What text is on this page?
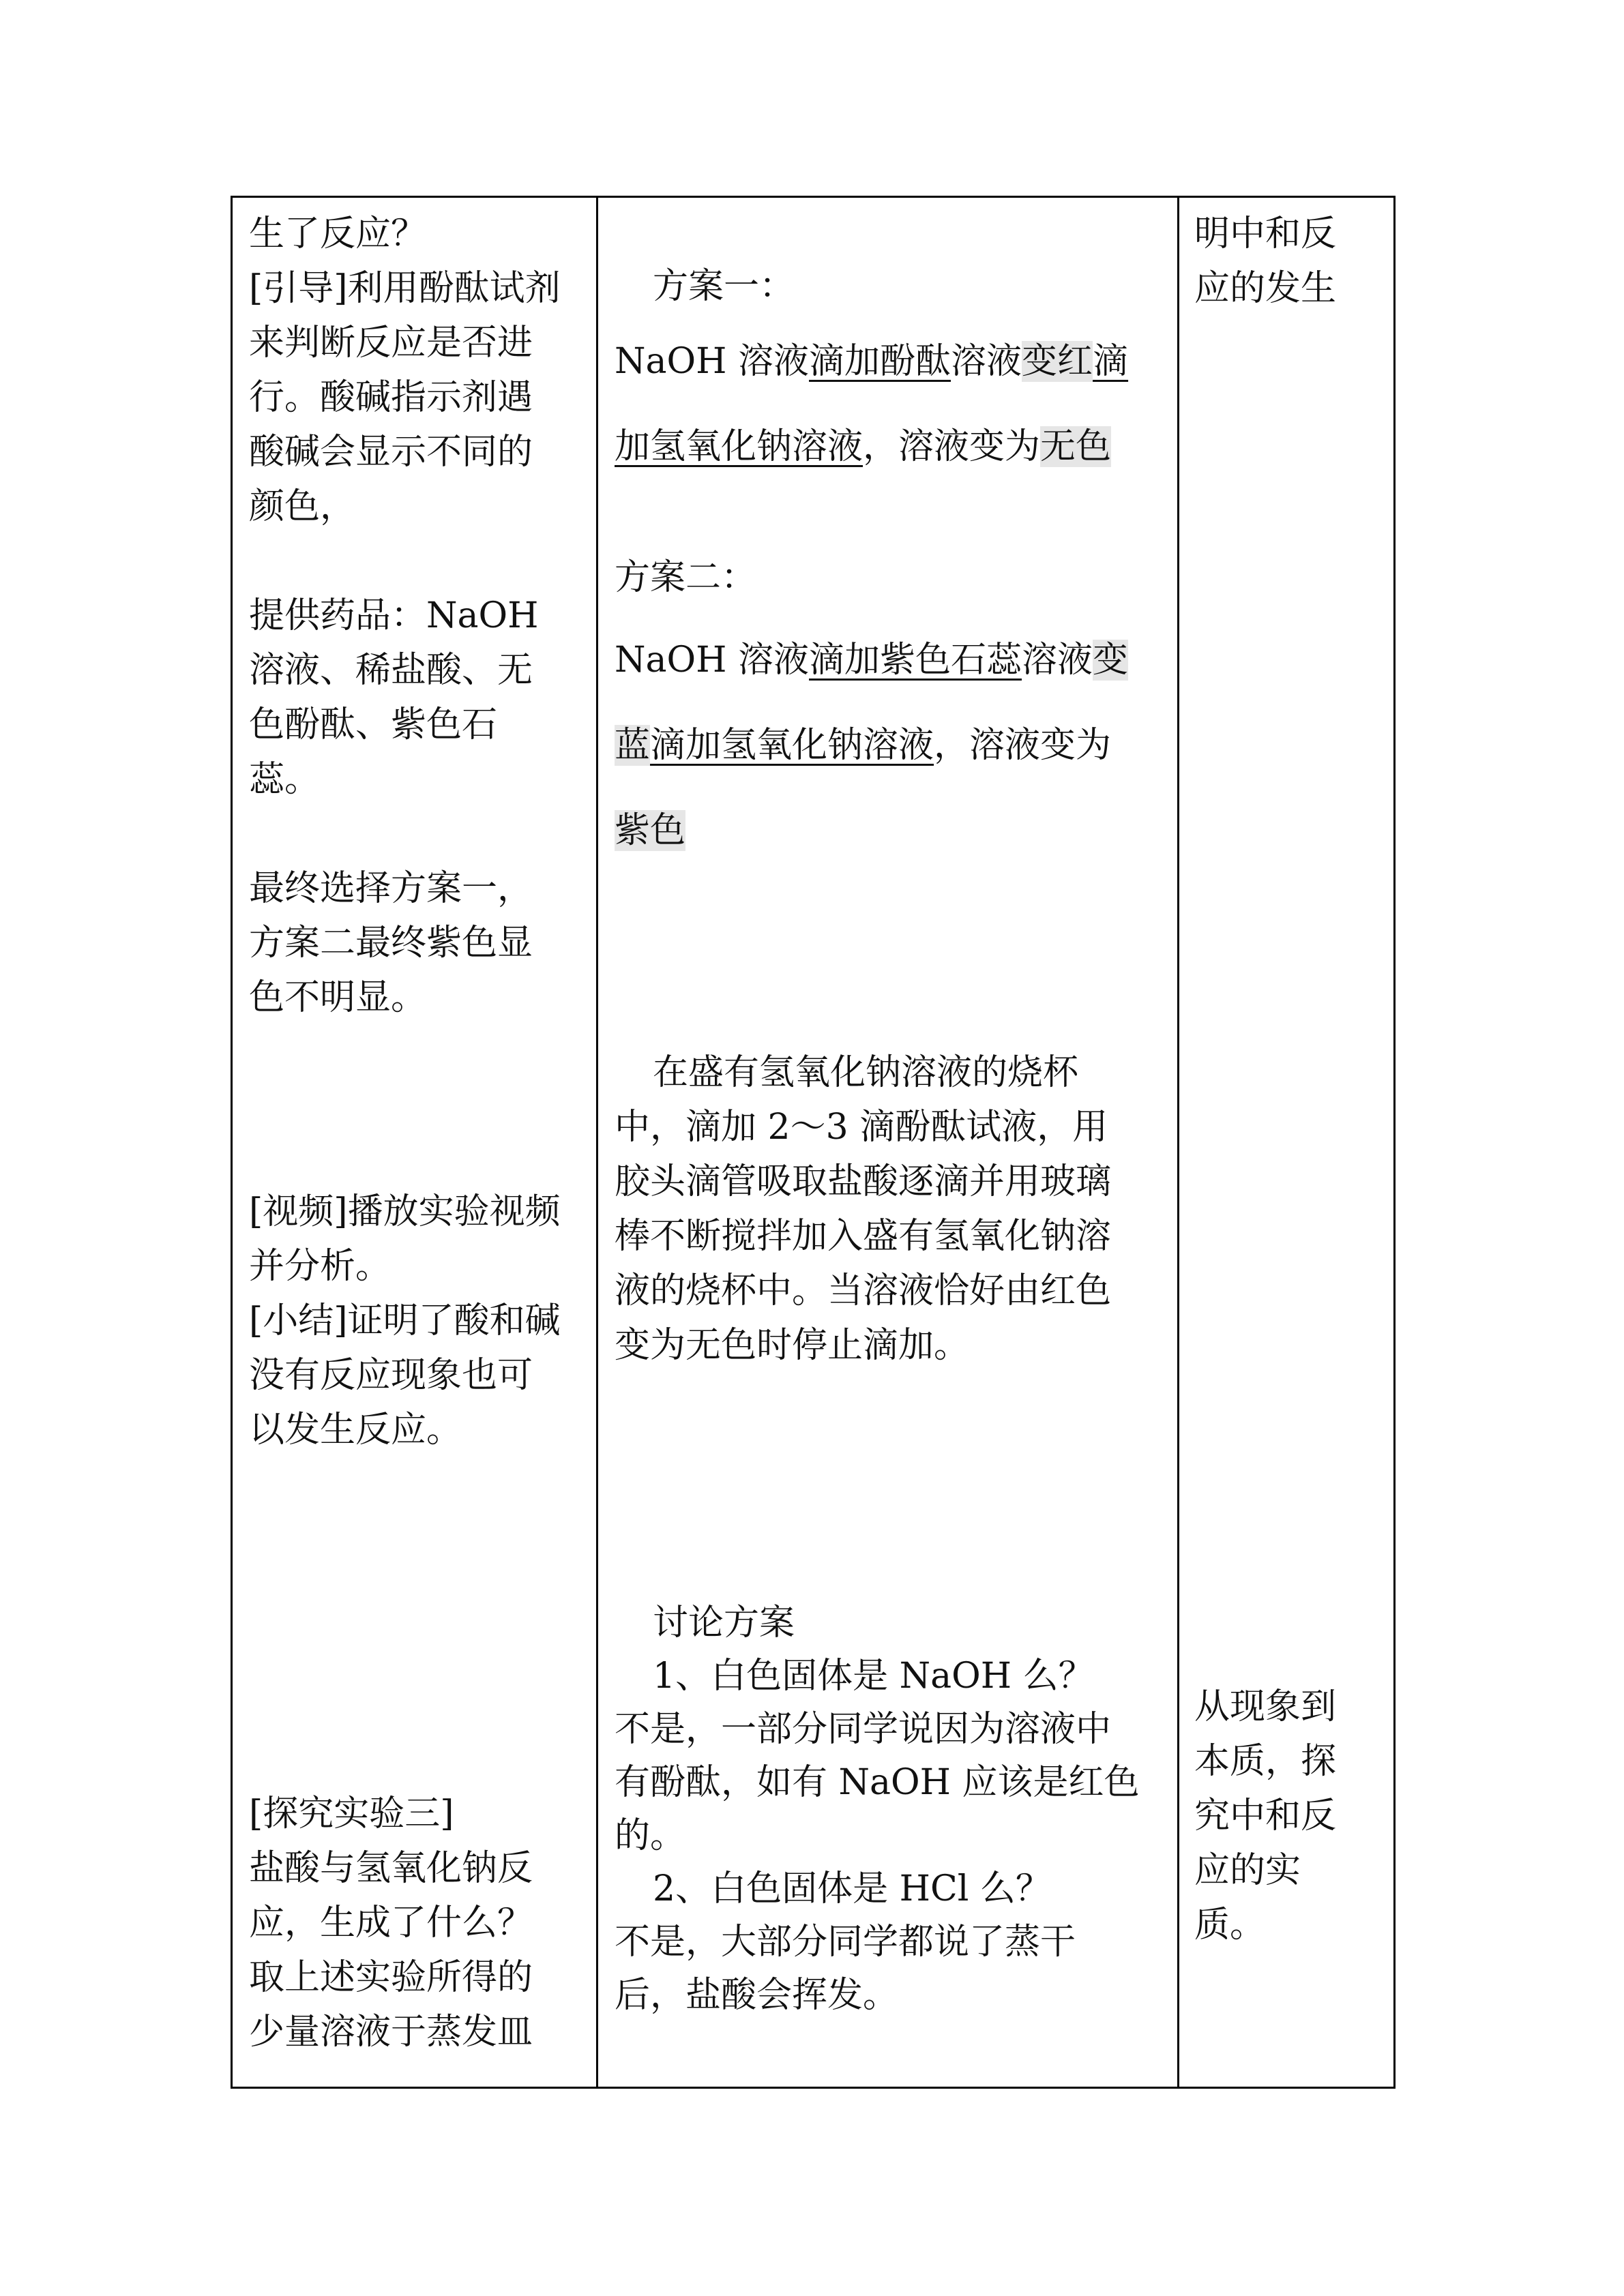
生了反应？
[引导]利用酚酞试剂
来判断反应是否进
行。酸碱指示剂遇
酸碱会显示不同的
颜色，
提供药品：NaOH
溶液、稀盐酸、无
色酚酞、紫色石
蕊。
最终选择方案一，
方案二最终紫色显
色不明显。
[视频]播放实验视频
并分析。
[小结]证明了酸和碱
没有反应现象也可
以发生反应。
[探究实验三]
盐酸与氢氧化钠反
应，生成了什么？
取上述实验所得的
少量溶液于蒸发皿
方案一：
NaOH 溶液滴加酚酞溶液变红滴
加氢氧化钠溶液，溶液变为无色
方案二：
NaOH 溶液滴加紫色石蕊溶液变
蓝滴加氢氧化钠溶液，溶液变为
紫色
在盛有氢氧化钠溶液的烧杯
中，滴加 2～3 滴酚酞试液，用
胶头滴管吸取盐酸逐滴并用玻璃
棒不断搅拌加入盛有氢氧化钠溶
液的烧杯中。当溶液恰好由红色
变为无色时停止滴加。
讨论方案
1、白色固体是 NaOH 么？
不是，一部分同学说因为溶液中
有酚酞，如有 NaOH 应该是红色
的。
2、白色固体是 HCl 么？
不是，大部分同学都说了蒸干
后，盐酸会挥发。
明中和反
应的发生
从现象到
本质，探
究中和反
应的实
质。
